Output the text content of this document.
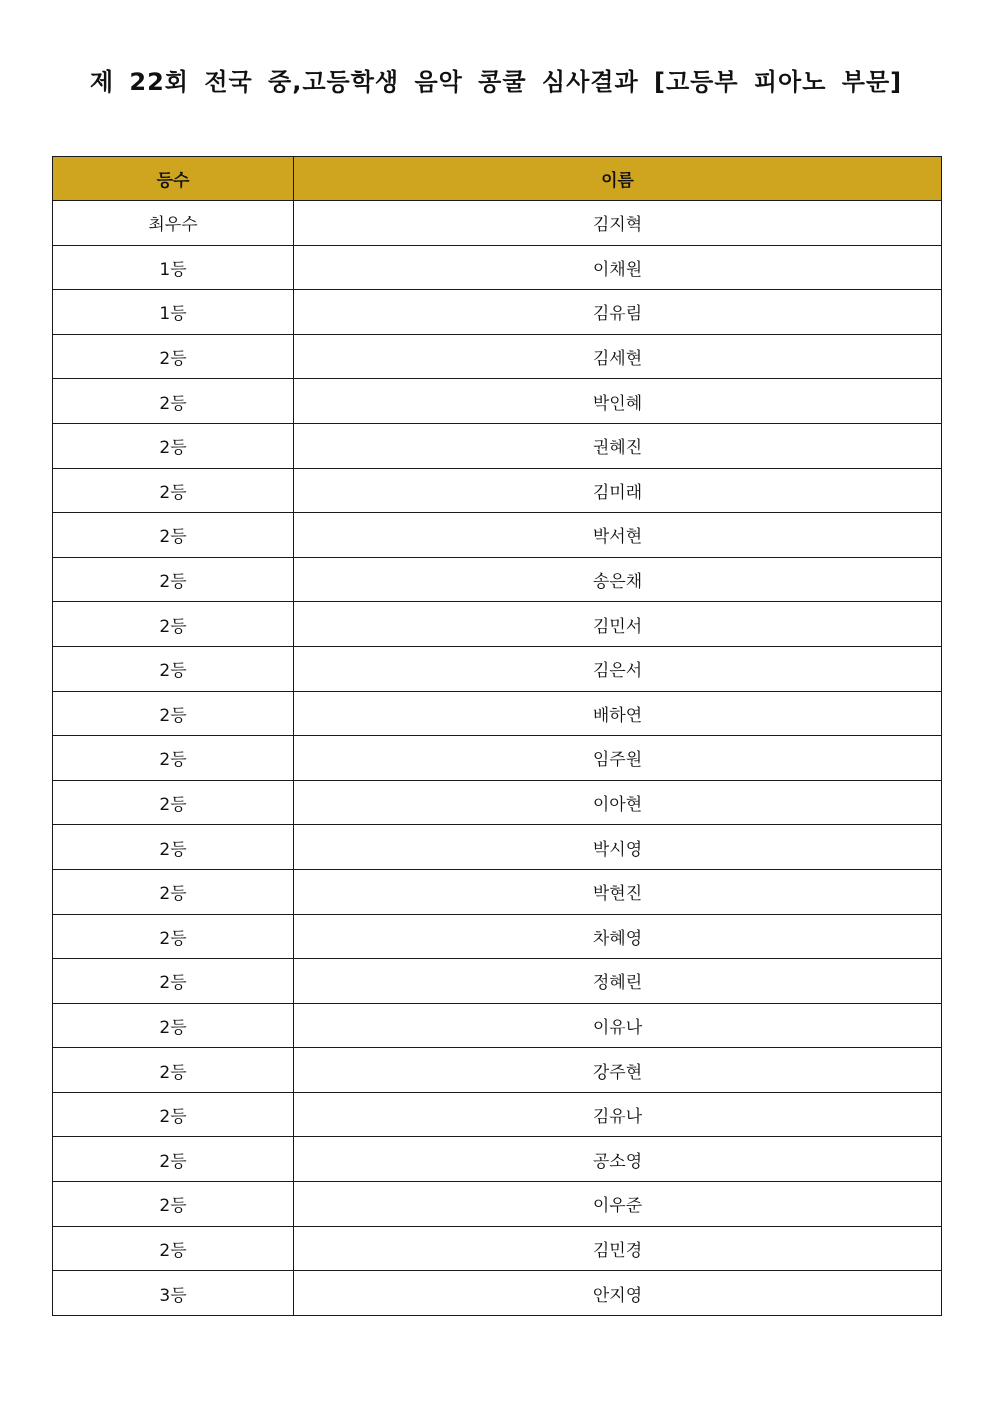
제 22회 전국 중,고등학생 음악 콩쿨 심사결과 [고등부 피아노 부문]
등수	이름
최우수	김지혁
1등	이채원
1등	김유림
2등	김세현
2등	박인혜
2등	권혜진
2등	김미래
2등	박서현
2등	송은채
2등	김민서
2등	김은서
2등	배하연
2등	임주원
2등	이아현
2등	박시영
2등	박현진
2등	차혜영
2등	정혜린
2등	이유나
2등	강주현
2등	김유나
2등	공소영
2등	이우준
2등	김민경
3등	안지영
